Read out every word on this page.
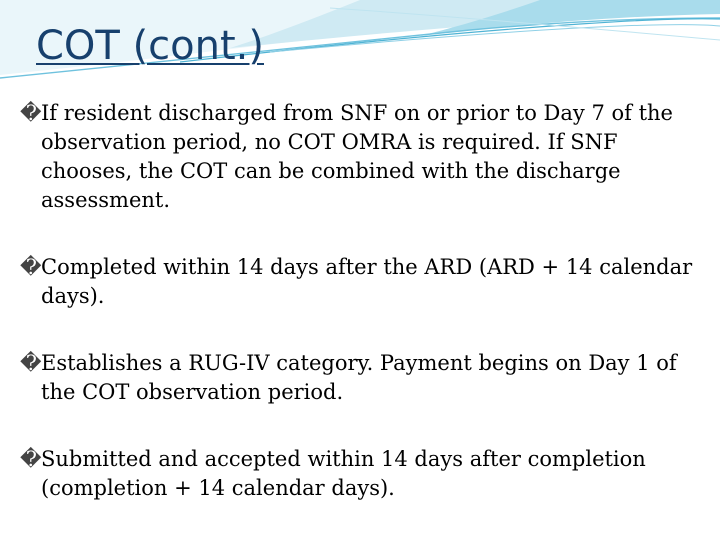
COT (cont.)
� If resident discharged from SNF on or prior to Day 7 of the observation period, no COT OMRA is required. If SNF chooses, the COT can be combined with the discharge assessment.
� Completed within 14 days after the ARD (ARD + 14 calendar days).
� Establishes a RUG-IV category. Payment begins on Day 1 of the COT observation period.
� Submitted and accepted within 14 days after completion (completion + 14 calendar days).
